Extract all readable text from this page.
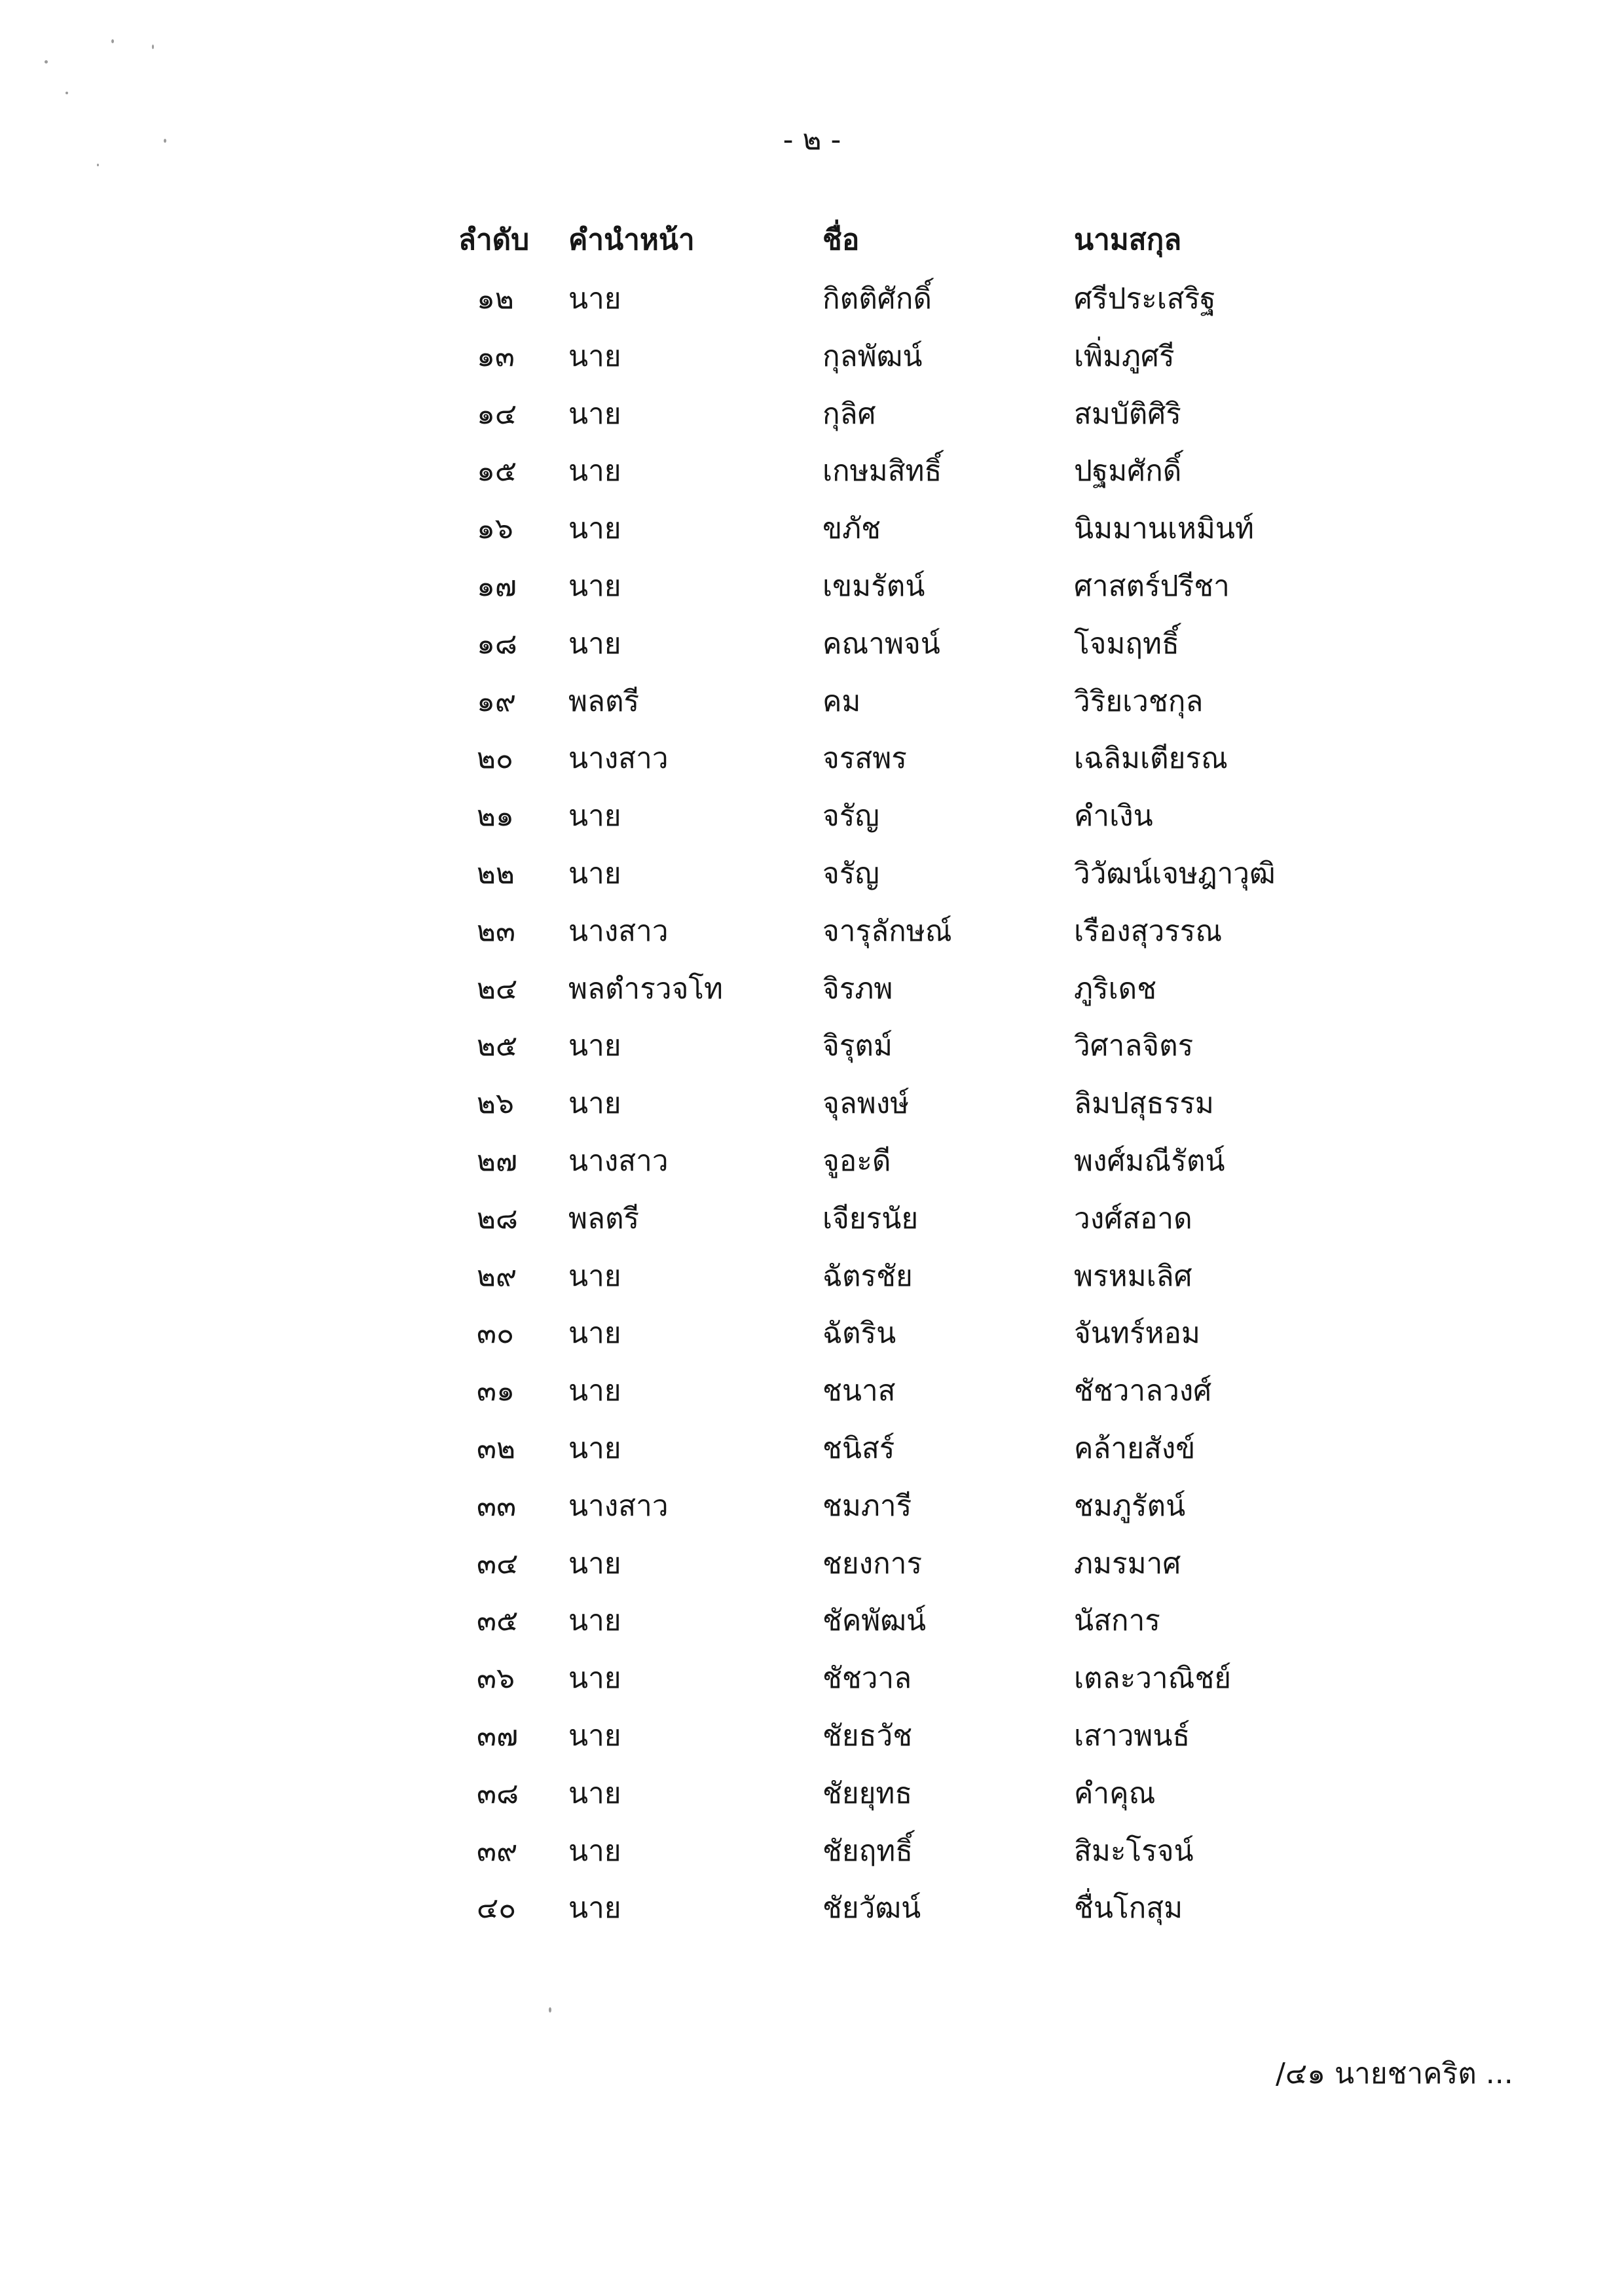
- ๒ -
ลำดับ คำนำหน้า	ชื่อ	นามสกุล
๑๒ นาย	กิตติศักดิ์	ศรีประเสริฐ
๑๓ นาย	กุลพัฒน์	เพิ่มภูศรี
๑๔ นาย	กุลิศ	สมบัติศิริ
๑๕ นาย	เกษมสิทธิ์	ปฐมศักดิ์
๑๖ นาย	ขภัช	นิมมานเหมินท์
๑๗ นาย	เขมรัตน์	ศาสตร์ปรีชา
๑๘ นาย	คณาพจน์	โจมฤทธิ์
๑๙ พลตรี	คม	วิริยเวชกุล
๒๐ นางสาว	จรสพร	เฉลิมเตียรณ
๒๑ นาย	จรัญ	คำเงิน
๒๒ นาย	จรัญ	วิวัฒน์เจษฎาวุฒิ
๒๓ นางสาว	จารุลักษณ์	เรืองสุวรรณ
๒๔ พลตำรวจโท	จิรภพ	ภูริเดช
๒๕ นาย	จิรุตม์	วิศาลจิตร
๒๖ นาย	จุลพงษ์	ลิมปสุธรรม
๒๗ นางสาว	จูอะดี	พงศ์มณีรัตน์
๒๘ พลตรี	เจียรนัย	วงศ์สอาด
๒๙ นาย	ฉัตรชัย	พรหมเลิศ
๓๐ นาย	ฉัตริน	จันทร์หอม
๓๑ นาย	ชนาส	ชัชวาลวงศ์
๓๒ นาย	ชนิสร์	คล้ายสังข์
๓๓ นางสาว	ชมภารี	ชมภูรัตน์
๓๔ นาย	ชยงการ	ภมรมาศ
๓๕ นาย	ชัคพัฒน์	นัสการ
๓๖ นาย	ชัชวาล	เตละวาณิชย์
๓๗ นาย	ชัยธวัช	เสาวพนธ์
๓๘ นาย	ชัยยุทธ	คำคุณ
๓๙ นาย	ชัยฤทธิ์	สิมะโรจน์
๔๐ นาย	ชัยวัฒน์	ชื่นโกสุม
/๔๑ นายชาคริต ...
